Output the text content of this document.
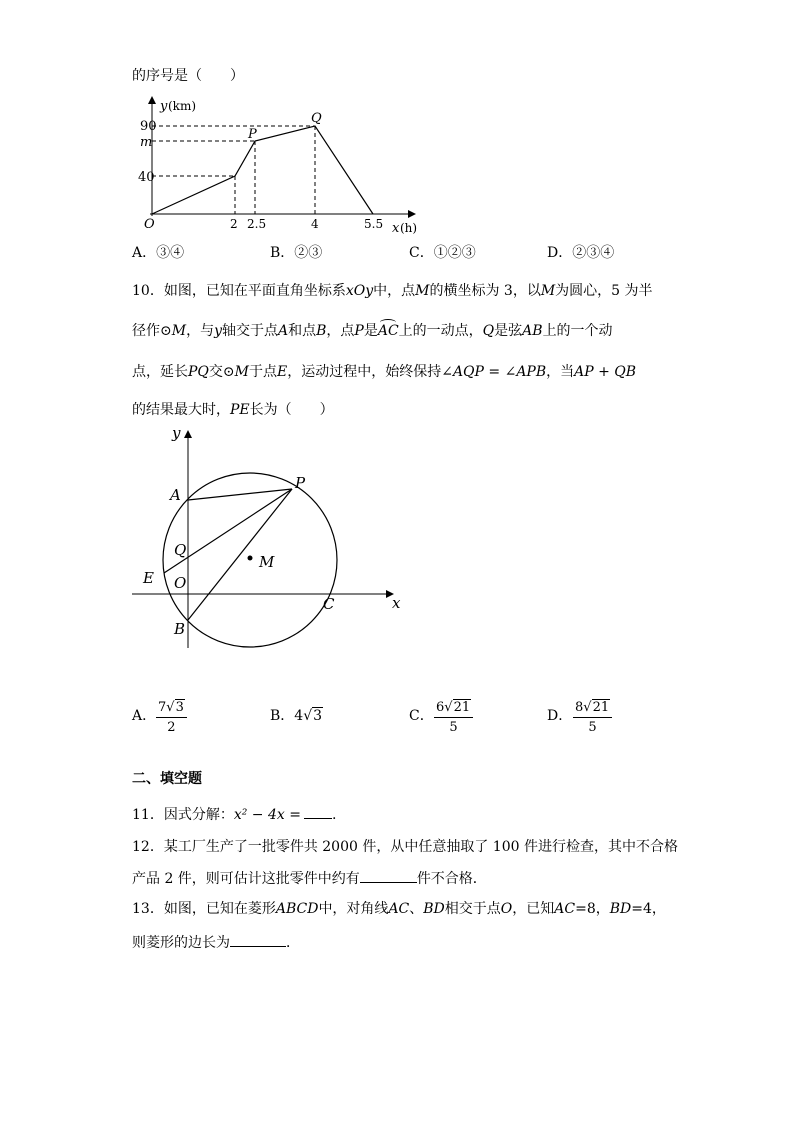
的序号是（　　）
y (km)
90
m
40
O	2 2.5	4	5.5 x (h)
P
Q
y
x
A
P
Q
E O
M
C
B
A．③④	B．②③	C．①②③	D．②③④
10．如图，已知在平面直角坐标系xOy中，点M的横坐标为 3，以M为圆心，5 为半
径作⊙M，与y轴交于点A和点B，点P是
AC上的一动点，Q是弦AB上的一个动
点，延长PQ交⊙M于点E，运动过程中，始终保持∠AQP = ∠APB，当AP + QB
的结果最大时，PE长为（　　）
A． $\frac{7√3}{2}$	B．4√3	C． $\frac{6√21}{5}$	D． $\frac{8√21}{5}$
二、填空题
11．因式分解：x² − 4x = .
12．某工厂生产了一批零件共 2000 件，从中任意抽取了 100 件进行检查，其中不合格
产品 2 件，则可估计这批零件中约有	件不合格．
13．如图，已知在菱形ABCD中，对角线AC、BD相交于点O，已知AC=8，BD=4，
则菱形的边长为	．
